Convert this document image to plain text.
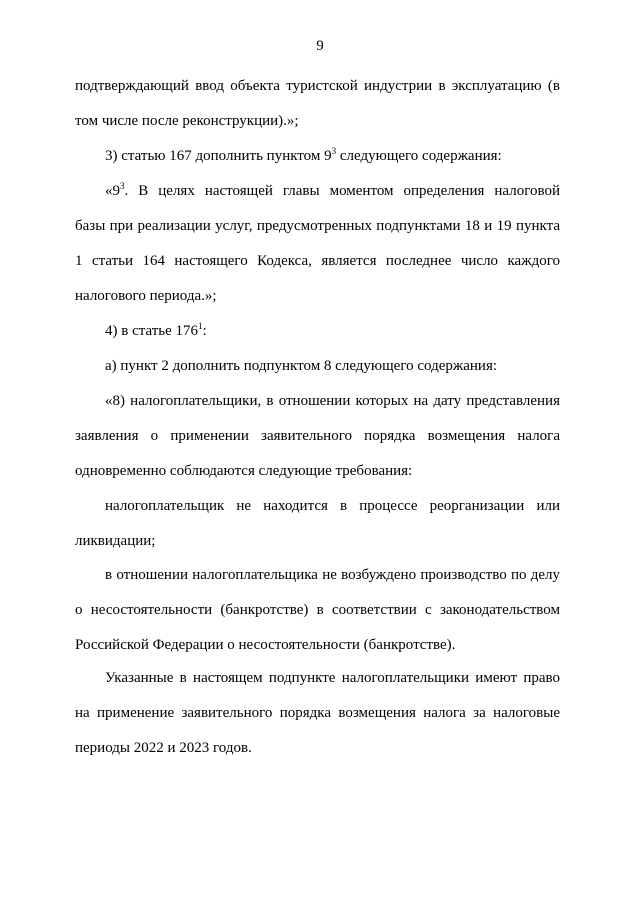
9
подтверждающий ввод объекта туристской индустрии в эксплуатацию (в
том числе после реконструкции).»;
3) статью 167 дополнить пунктом $9^3$ следующего содержания:
«$9^3$. В целях настоящей главы моментом определения налоговой
базы при реализации услуг, предусмотренных подпунктами 18 и 19 пункта
1 статьи 164 настоящего Кодекса, является последнее число каждого
налогового периода.»;
4) в статье $176^1$:
а) пункт 2 дополнить подпунктом 8 следующего содержания:
«8) налогоплательщики, в отношении которых на дату представления
заявления о применении заявительного порядка возмещения налога
одновременно соблюдаются следующие требования:
налогоплательщик не находится в процессе реорганизации или
ликвидации;
в отношении налогоплательщика не возбуждено производство по делу
о несостоятельности (банкротстве) в соответствии с законодательством
Российской Федерации о несостоятельности (банкротстве).
Указанные в настоящем подпункте налогоплательщики имеют право
на применение заявительного порядка возмещения налога за налоговые
периоды 2022 и 2023 годов.
